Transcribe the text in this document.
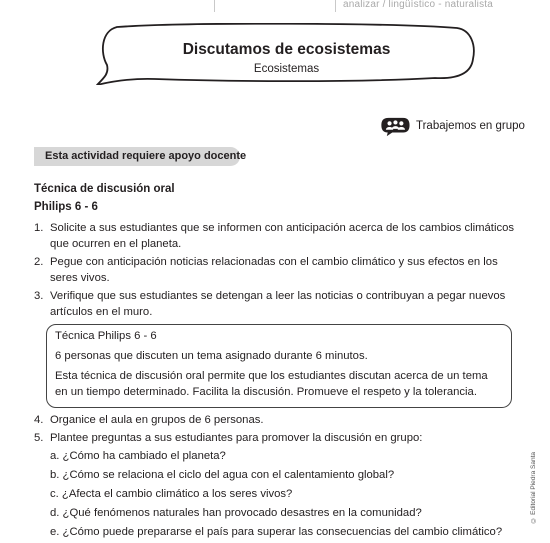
analizar / lingüístico - naturalista
Discutamos de ecosistemas
Ecosistemas
Trabajemos en grupo
Esta actividad requiere apoyo docente
Técnica de discusión oral
Philips 6 - 6
1. Solicite a sus estudiantes que se informen con anticipación acerca de los cambios climáticos que ocurren en el planeta.
2. Pegue con anticipación noticias relacionadas con el cambio climático y sus efectos en los seres vivos.
3. Verifique que sus estudiantes se detengan a leer las noticias o contribuyan a pegar nuevos artículos en el muro.
Técnica Philips 6 - 6
6 personas que discuten un tema asignado durante 6 minutos.
Esta técnica de discusión oral permite que los estudiantes discutan acerca de un tema en un tiempo determinado. Facilita la discusión. Promueve el respeto y la tolerancia.
4. Organice el aula en grupos de 6 personas.
5. Plantee preguntas a sus estudiantes para promover la discusión en grupo:
a. ¿Cómo ha cambiado el planeta?
b. ¿Cómo se relaciona el ciclo del agua con el calentamiento global?
c. ¿Afecta el cambio climático a los seres vivos?
d. ¿Qué fenómenos naturales han provocado desastres en la comunidad?
e. ¿Cómo puede prepararse el país para superar las consecuencias del cambio climático?
© Editorial Piedra Santa
